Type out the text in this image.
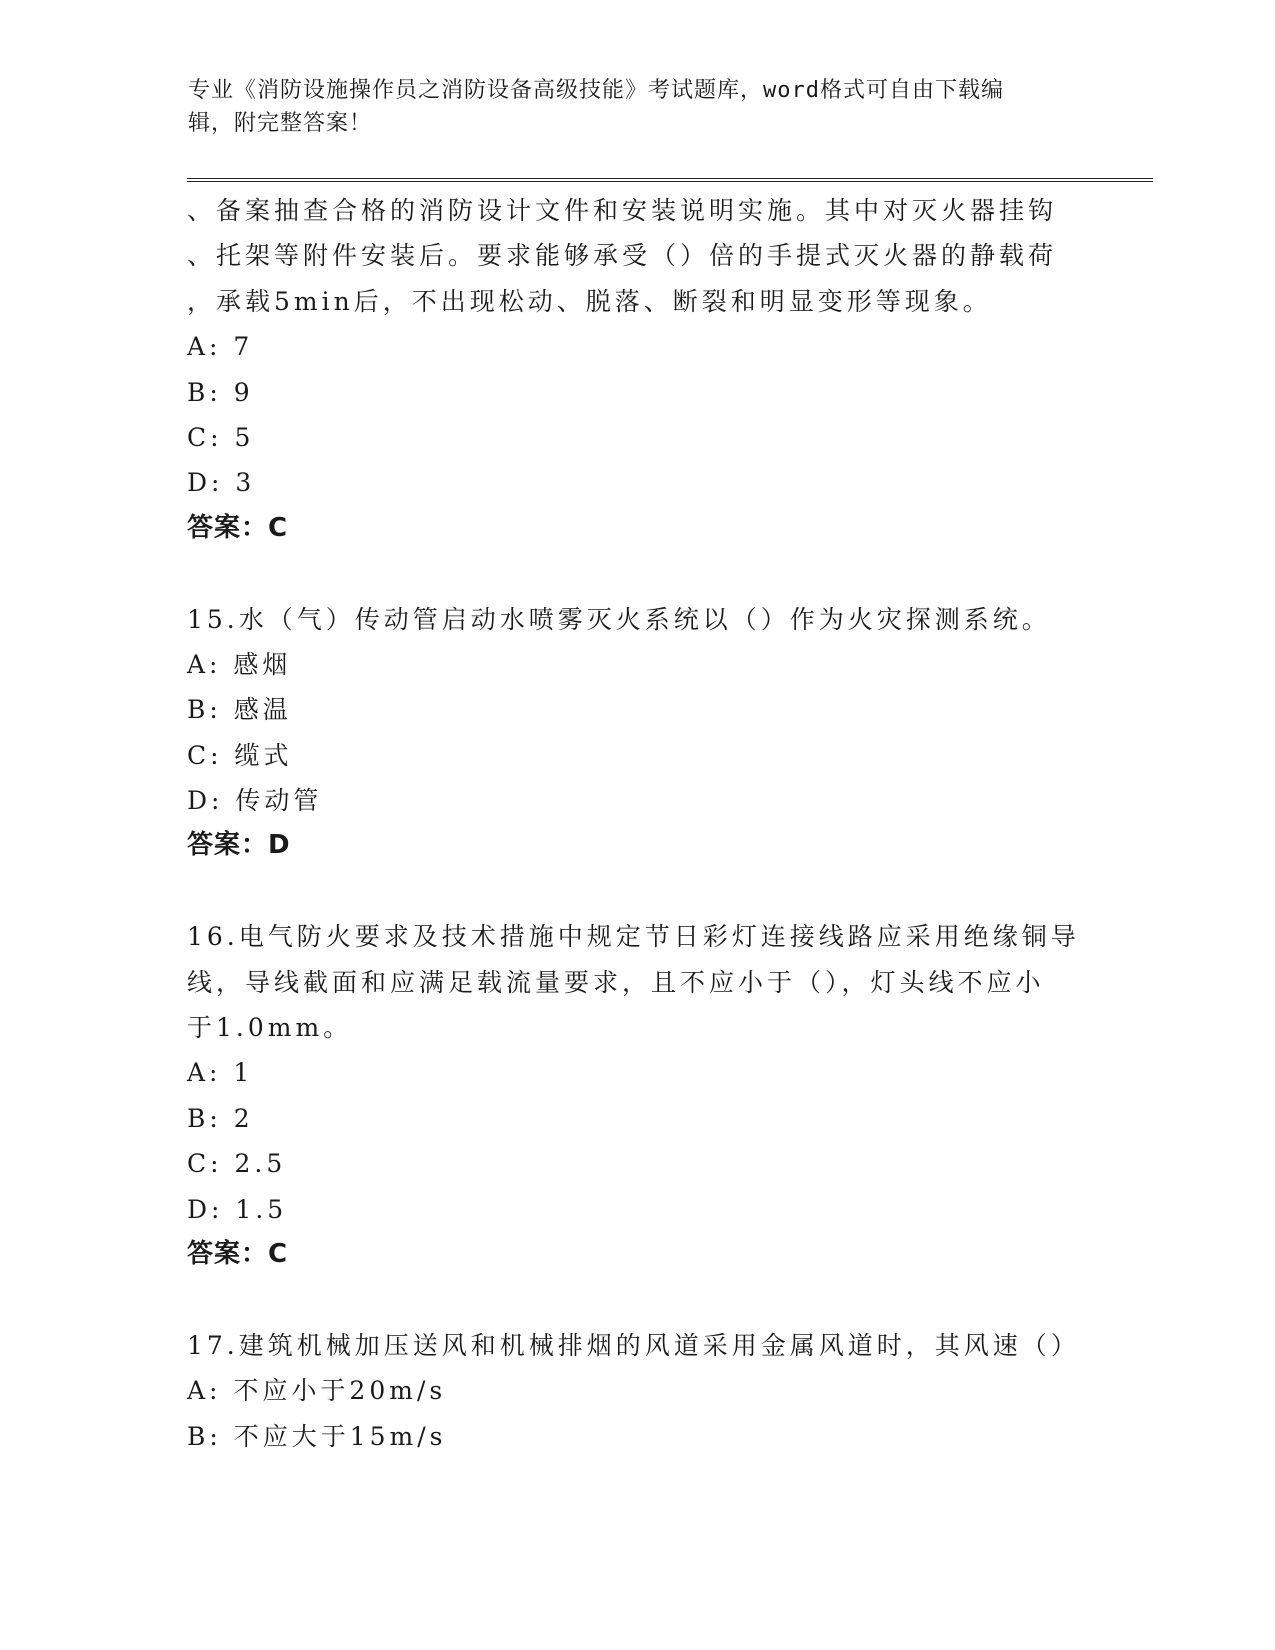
专业《消防设施操作员之消防设备高级技能》考试题库，word格式可自由下载编
辑，附完整答案！
、备案抽查合格的消防设计文件和安装说明实施。其中对灭火器挂钩
、托架等附件安装后。要求能够承受（）倍的手提式灭火器的静载荷
，承载5min后，不出现松动、脱落、断裂和明显变形等现象。
A: 7
B: 9
C: 5
D: 3
答案：C
15.水（气）传动管启动水喷雾灭火系统以（）作为火灾探测系统。
A: 感烟
B: 感温
C: 缆式
D: 传动管
答案：D
16.电气防火要求及技术措施中规定节日彩灯连接线路应采用绝缘铜导
线，导线截面和应满足载流量要求，且不应小于（），灯头线不应小
于1.0mm。
A: 1
B: 2
C: 2.5
D: 1.5
答案：C
17.建筑机械加压送风和机械排烟的风道采用金属风道时，其风速（）
A: 不应小于20m/s
B: 不应大于15m/s
